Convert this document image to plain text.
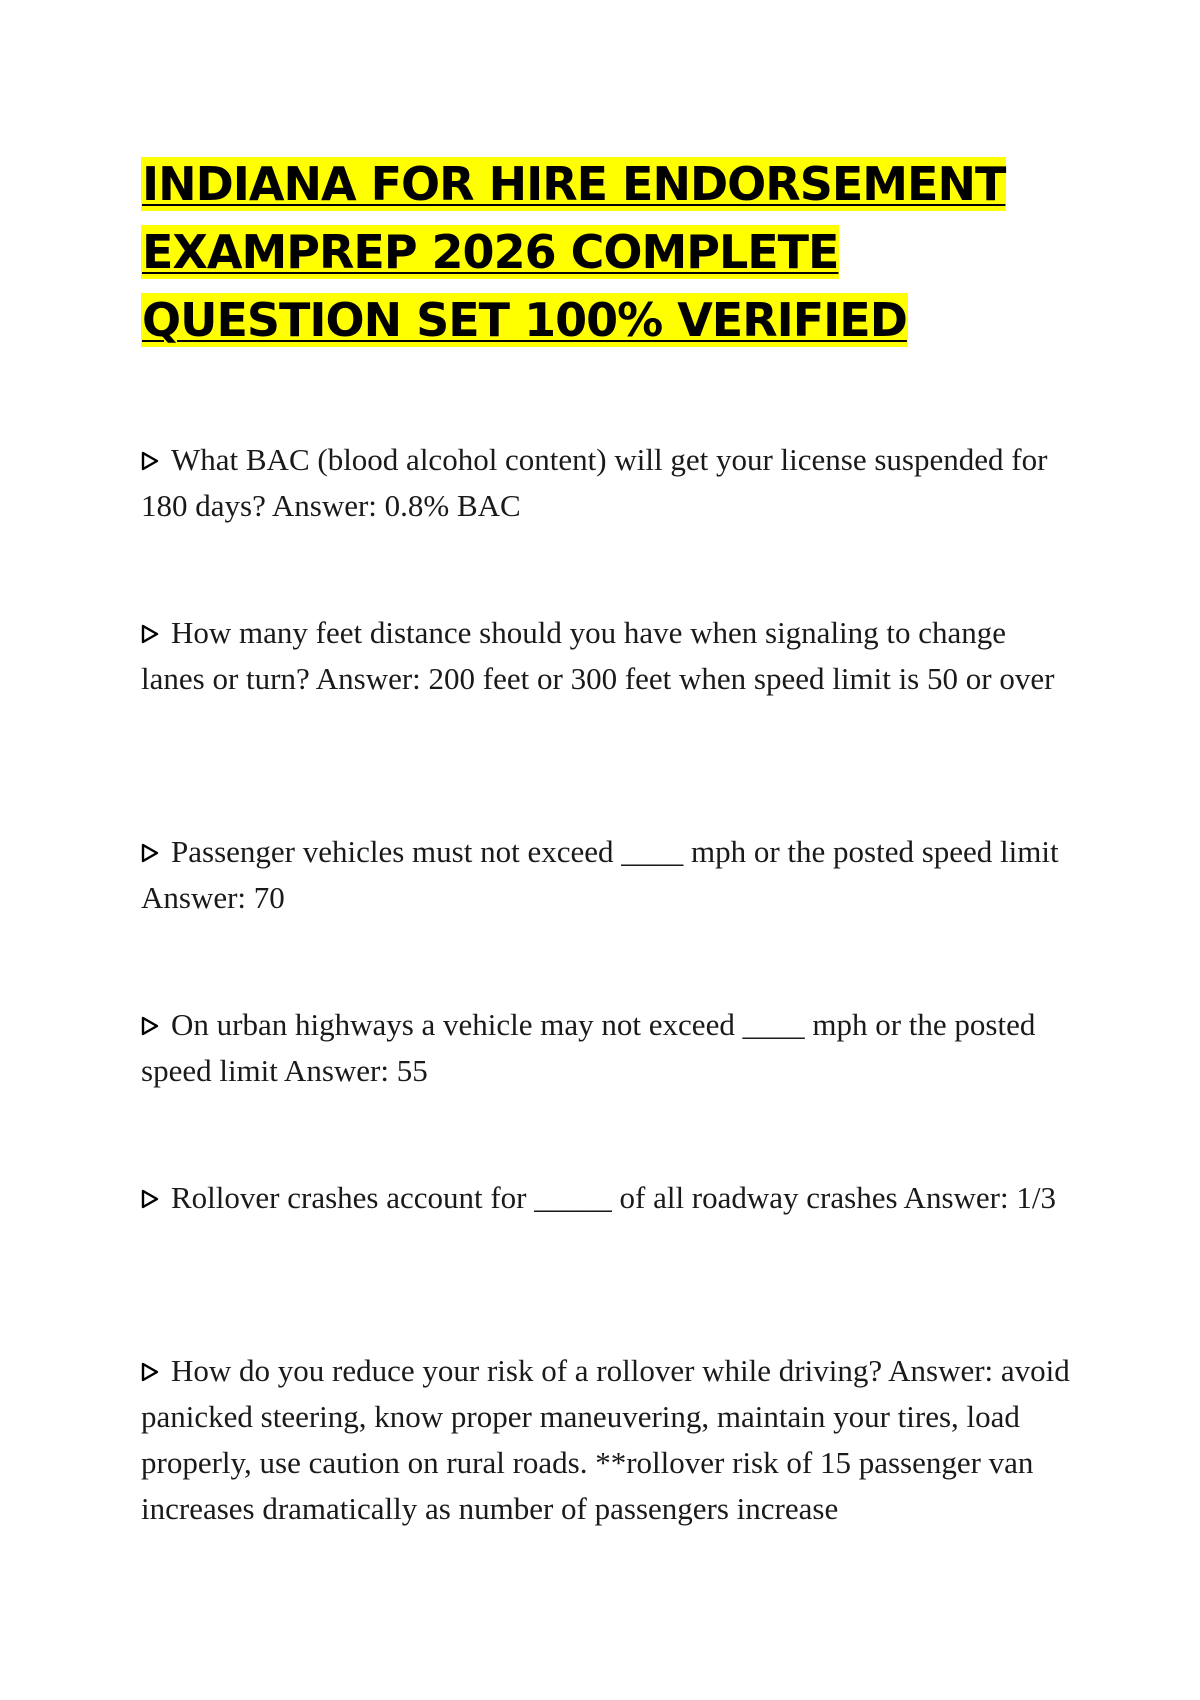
INDIANA FOR HIRE ENDORSEMENT EXAMPREP 2026 COMPLETE QUESTION SET 100% VERIFIED

What BAC (blood alcohol content) will get your license suspended for 180 days? Answer: 0.8% BAC

How many feet distance should you have when signaling to change lanes or turn? Answer: 200 feet or 300 feet when speed limit is 50 or over

Passenger vehicles must not exceed ____ mph or the posted speed limit Answer: 70

On urban highways a vehicle may not exceed ____ mph or the posted speed limit Answer: 55

Rollover crashes account for _____ of all roadway crashes Answer: 1/3

How do you reduce your risk of a rollover while driving? Answer: avoid panicked steering, know proper maneuvering, maintain your tires, load properly, use caution on rural roads. **rollover risk of 15 passenger van increases dramatically as number of passengers increase
